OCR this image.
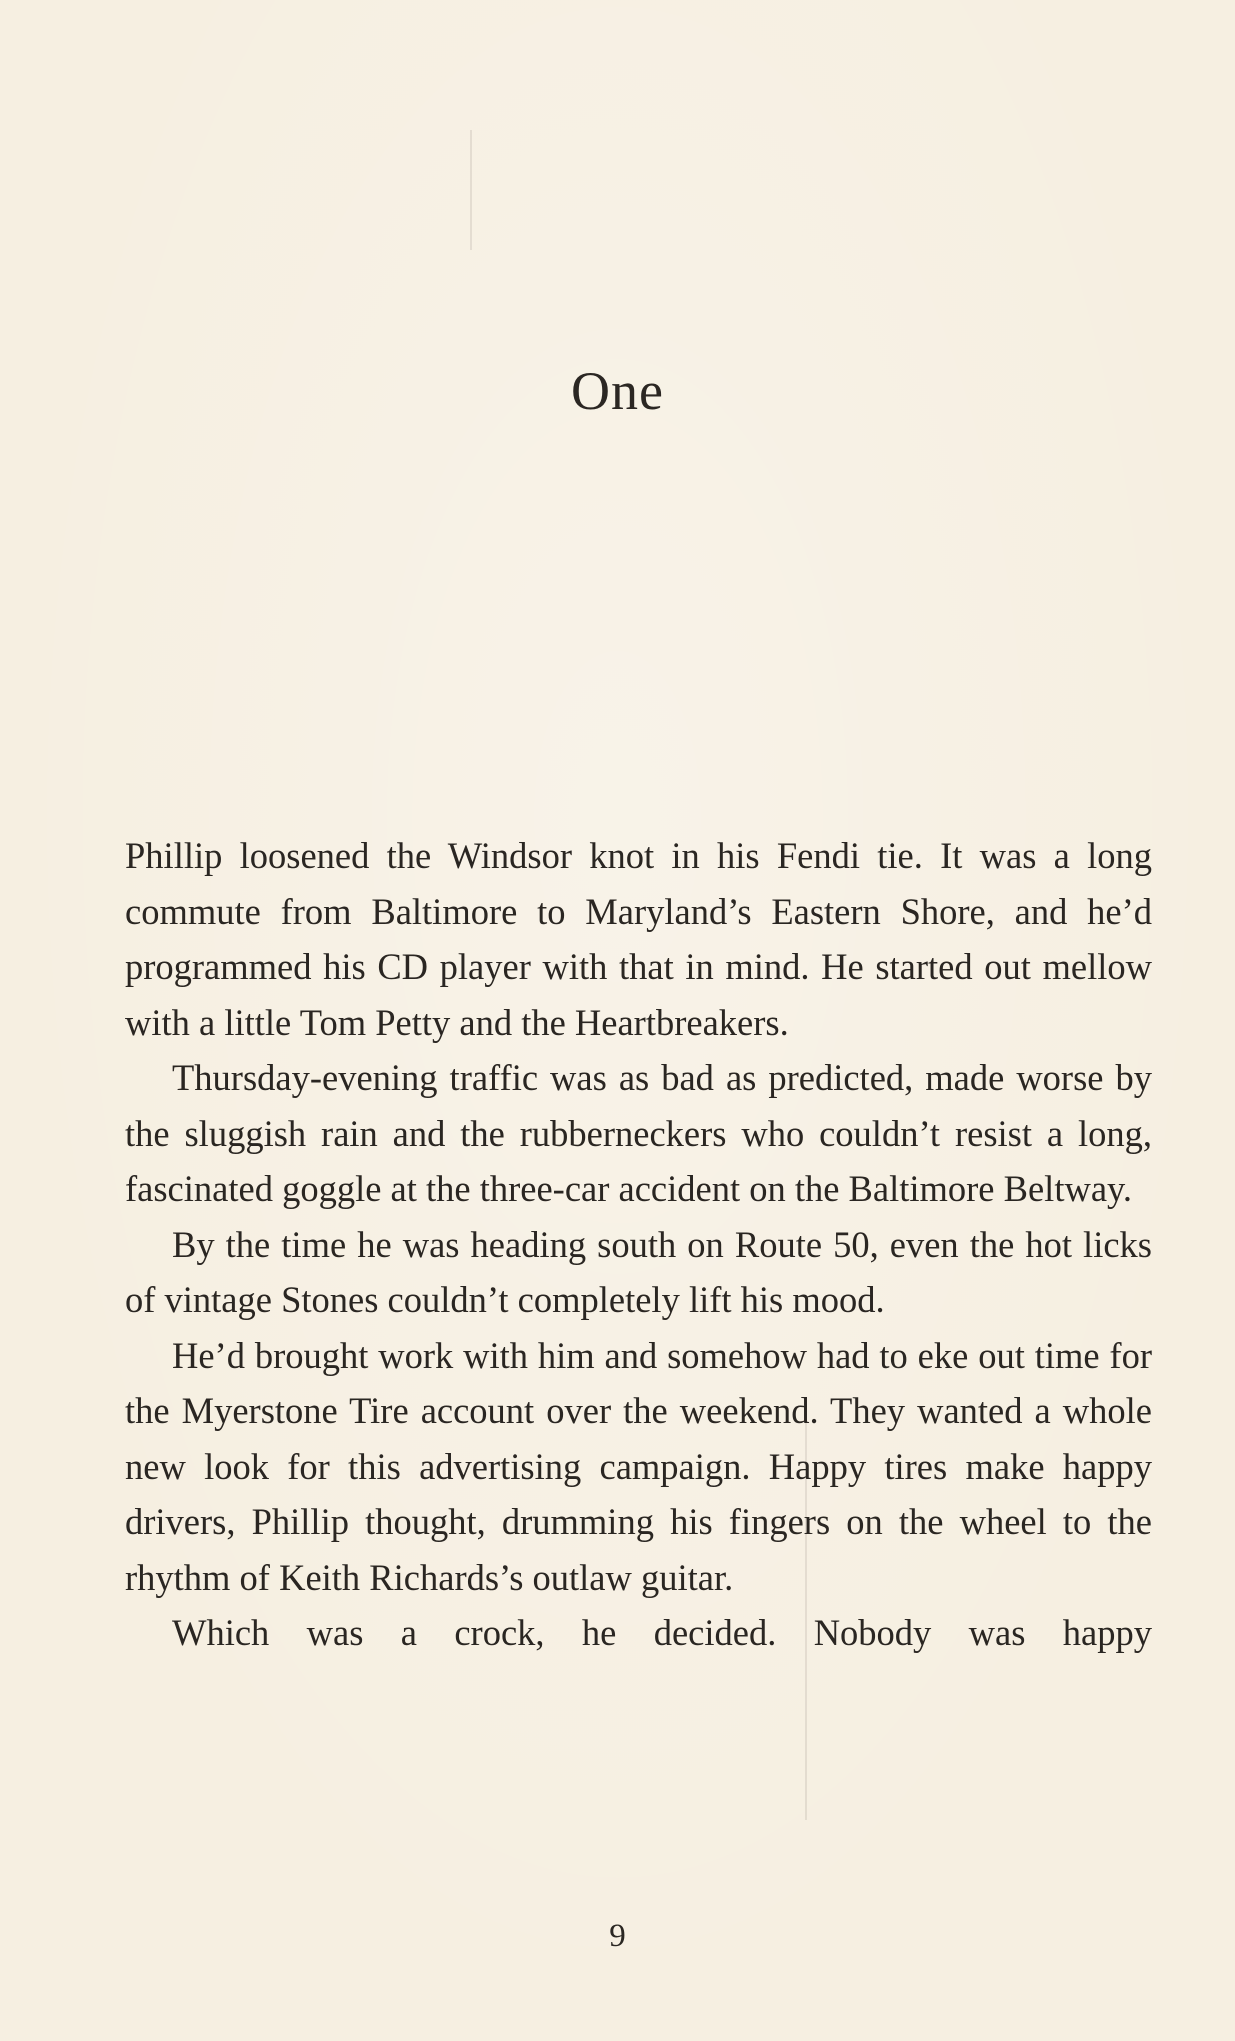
One

Phillip loosened the Windsor knot in his Fendi tie. It was a long commute from Baltimore to Maryland’s Eastern Shore, and he’d programmed his CD player with that in mind. He started out mellow with a little Tom Petty and the Heartbreakers.

Thursday-evening traffic was as bad as predicted, made worse by the sluggish rain and the rubberneckers who couldn’t resist a long, fascinated goggle at the three-car accident on the Baltimore Beltway.

By the time he was heading south on Route 50, even the hot licks of vintage Stones couldn’t completely lift his mood.

He’d brought work with him and somehow had to eke out time for the Myerstone Tire account over the weekend. They wanted a whole new look for this advertising campaign. Happy tires make happy drivers, Phillip thought, drumming his fingers on the wheel to the rhythm of Keith Richards’s outlaw guitar.

Which was a crock, he decided. Nobody was happy

9
